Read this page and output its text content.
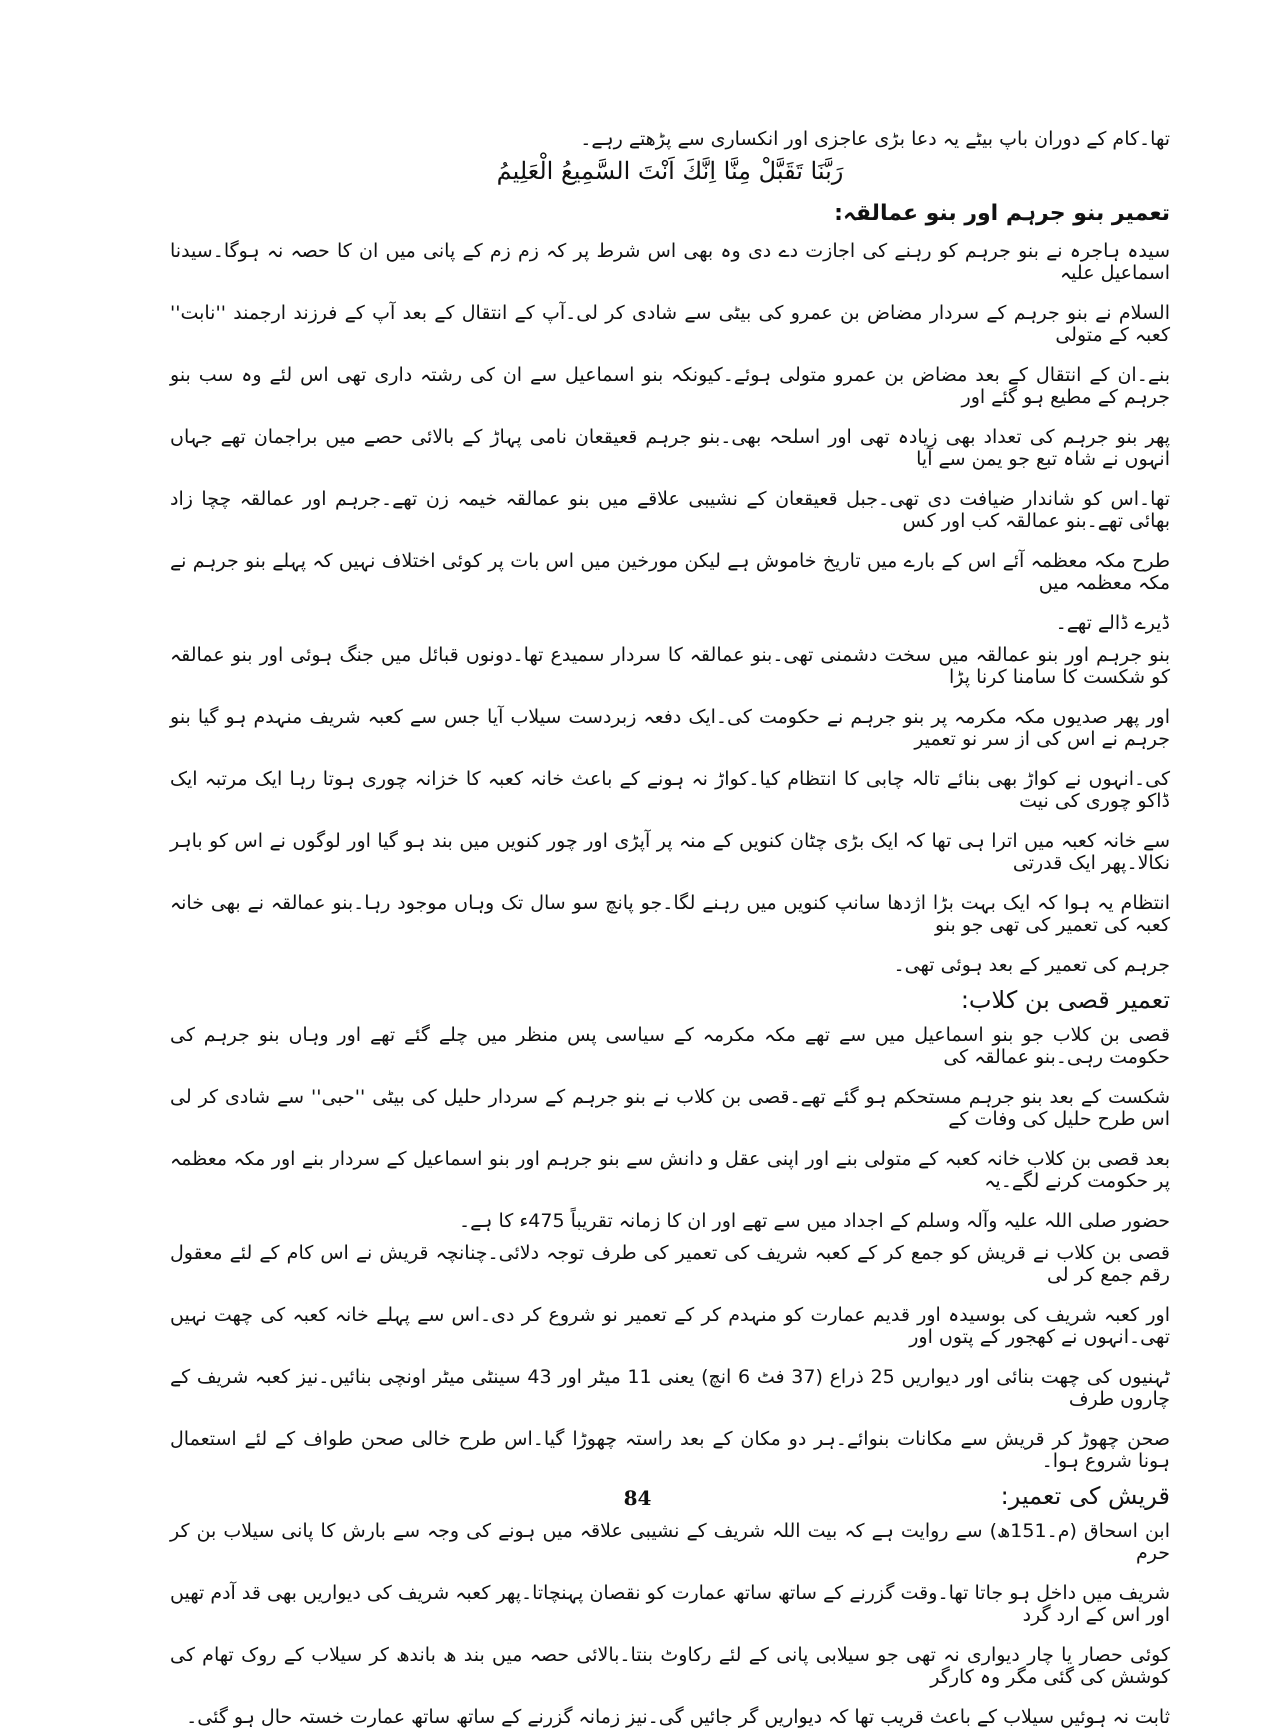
تھا۔کام کے دوران باپ بیٹے یہ دعا بڑی عاجزی اور انکساری سے پڑھتے رہے۔

رَبَّنَا تَقَبَّلْ مِنَّا اِنَّكَ اَنْتَ السَّمِيعُ الْعَلِيمُ

تعمیر بنو جرہم اور بنو عمالقہ:

سیدہ ہاجرہ نے بنو جرہم کو رہنے کی اجازت دے دی وہ بھی اس شرط پر کہ زم زم کے پانی میں ان کا حصہ نہ ہوگا۔سیدنا اسماعیل علیہ

السلام نے بنو جرہم کے سردار مضاض بن عمرو کی بیٹی سے شادی کر لی۔آپ کے انتقال کے بعد آپ کے فرزند ارجمند ''نابت'' کعبہ کے متولی

بنے۔ان کے انتقال کے بعد مضاض بن عمرو متولی ہوئے۔کیونکہ بنو اسماعیل سے ان کی رشتہ داری تھی اس لئے وہ سب بنو جرہم کے مطیع ہو گئے اور

پھر بنو جرہم کی تعداد بھی زیادہ تھی اور اسلحہ بھی۔بنو جرہم قعیقعان نامی پہاڑ کے بالائی حصے میں براجمان تھے جہاں انہوں نے شاہ تبع جو یمن سے آیا

تھا۔اس کو شاندار ضیافت دی تھی۔جبل قعیقعان کے نشیبی علاقے میں بنو عمالقہ خیمہ زن تھے۔جرہم اور عمالقہ چچا زاد بھائی تھے۔بنو عمالقہ کب اور کس

طرح مکہ معظمہ آئے اس کے بارے میں تاریخ خاموش ہے لیکن مورخین میں اس بات پر کوئی اختلاف نہیں کہ پہلے بنو جرہم نے مکہ معظمہ میں

ڈیرے ڈالے تھے۔

بنو جرہم اور بنو عمالقہ میں سخت دشمنی تھی۔بنو عمالقہ کا سردار سمیدع تھا۔دونوں قبائل میں جنگ ہوئی اور بنو عمالقہ کو شکست کا سامنا کرنا پڑا

اور پھر صدیوں مکہ مکرمہ پر بنو جرہم نے حکومت کی۔ایک دفعہ زبردست سیلاب آیا جس سے کعبہ شریف منہدم ہو گیا بنو جرہم نے اس کی از سر نو تعمیر

کی۔انہوں نے کواڑ بھی بنائے تالہ چابی کا انتظام کیا۔کواڑ نہ ہونے کے باعث خانہ کعبہ کا خزانہ چوری ہوتا رہا ایک مرتبہ ایک ڈاکو چوری کی نیت

سے خانہ کعبہ میں اترا ہی تھا کہ ایک بڑی چٹان کنویں کے منہ پر آپڑی اور چور کنویں میں بند ہو گیا اور لوگوں نے اس کو باہر نکالا۔پھر ایک قدرتی

انتظام یہ ہوا کہ ایک بہت بڑا اژدھا سانپ کنویں میں رہنے لگا۔جو پانچ سو سال تک وہاں موجود رہا۔بنو عمالقہ نے بھی خانہ کعبہ کی تعمیر کی تھی جو بنو

جرہم کی تعمیر کے بعد ہوئی تھی۔

تعمیر قصی بن کلاب:

قصی بن کلاب جو بنو اسماعیل میں سے تھے مکہ مکرمہ کے سیاسی پس منظر میں چلے گئے تھے اور وہاں بنو جرہم کی حکومت رہی۔بنو عمالقہ کی

شکست کے بعد بنو جرہم مستحکم ہو گئے تھے۔قصی بن کلاب نے بنو جرہم کے سردار حلیل کی بیٹی ''حبی'' سے شادی کر لی اس طرح حلیل کی وفات کے

بعد قصی بن کلاب خانہ کعبہ کے متولی بنے اور اپنی عقل و دانش سے بنو جرہم اور بنو اسماعیل کے سردار بنے اور مکہ معظمہ پر حکومت کرنے لگے۔یہ

حضور صلی اللہ علیہ وآلہ وسلم کے اجداد میں سے تھے اور ان کا زمانہ تقریباً 475ء کا ہے۔

قصی بن کلاب نے قریش کو جمع کر کے کعبہ شریف کی تعمیر کی طرف توجہ دلائی۔چنانچہ قریش نے اس کام کے لئے معقول رقم جمع کر لی

اور کعبہ شریف کی بوسیدہ اور قدیم عمارت کو منہدم کر کے تعمیر نو شروع کر دی۔اس سے پہلے خانہ کعبہ کی چھت نہیں تھی۔انہوں نے کھجور کے پتوں اور

ٹہنیوں کی چھت بنائی اور دیواریں 25 ذراع (37 فٹ 6 انچ) یعنی 11 میٹر اور 43 سینٹی میٹر اونچی بنائیں۔نیز کعبہ شریف کے چاروں طرف

صحن چھوڑ کر قریش سے مکانات بنوائے۔ہر دو مکان کے بعد راستہ چھوڑا گیا۔اس طرح خالی صحن طواف کے لئے استعمال ہونا شروع ہوا۔

قریش کی تعمیر:

ابن اسحاق (م۔151ھ) سے روایت ہے کہ بیت اللہ شریف کے نشیبی علاقہ میں ہونے کی وجہ سے بارش کا پانی سیلاب بن کر حرم

شریف میں داخل ہو جاتا تھا۔وقت گزرنے کے ساتھ ساتھ عمارت کو نقصان پہنچاتا۔پھر کعبہ شریف کی دیواریں بھی قد آدم تھیں اور اس کے ارد گرد

کوئی حصار یا چار دیواری نہ تھی جو سیلابی پانی کے لئے رکاوٹ بنتا۔بالائی حصہ میں بند ھ باندھ کر سیلاب کے روک تھام کی کوشش کی گئی مگر وہ کارگر

ثابت نہ ہوئیں سیلاب کے باعث قریب تھا کہ دیواریں گر جائیں گی۔نیز زمانہ گزرنے کے ساتھ ساتھ عمارت خستہ حال ہو گئی۔

84
